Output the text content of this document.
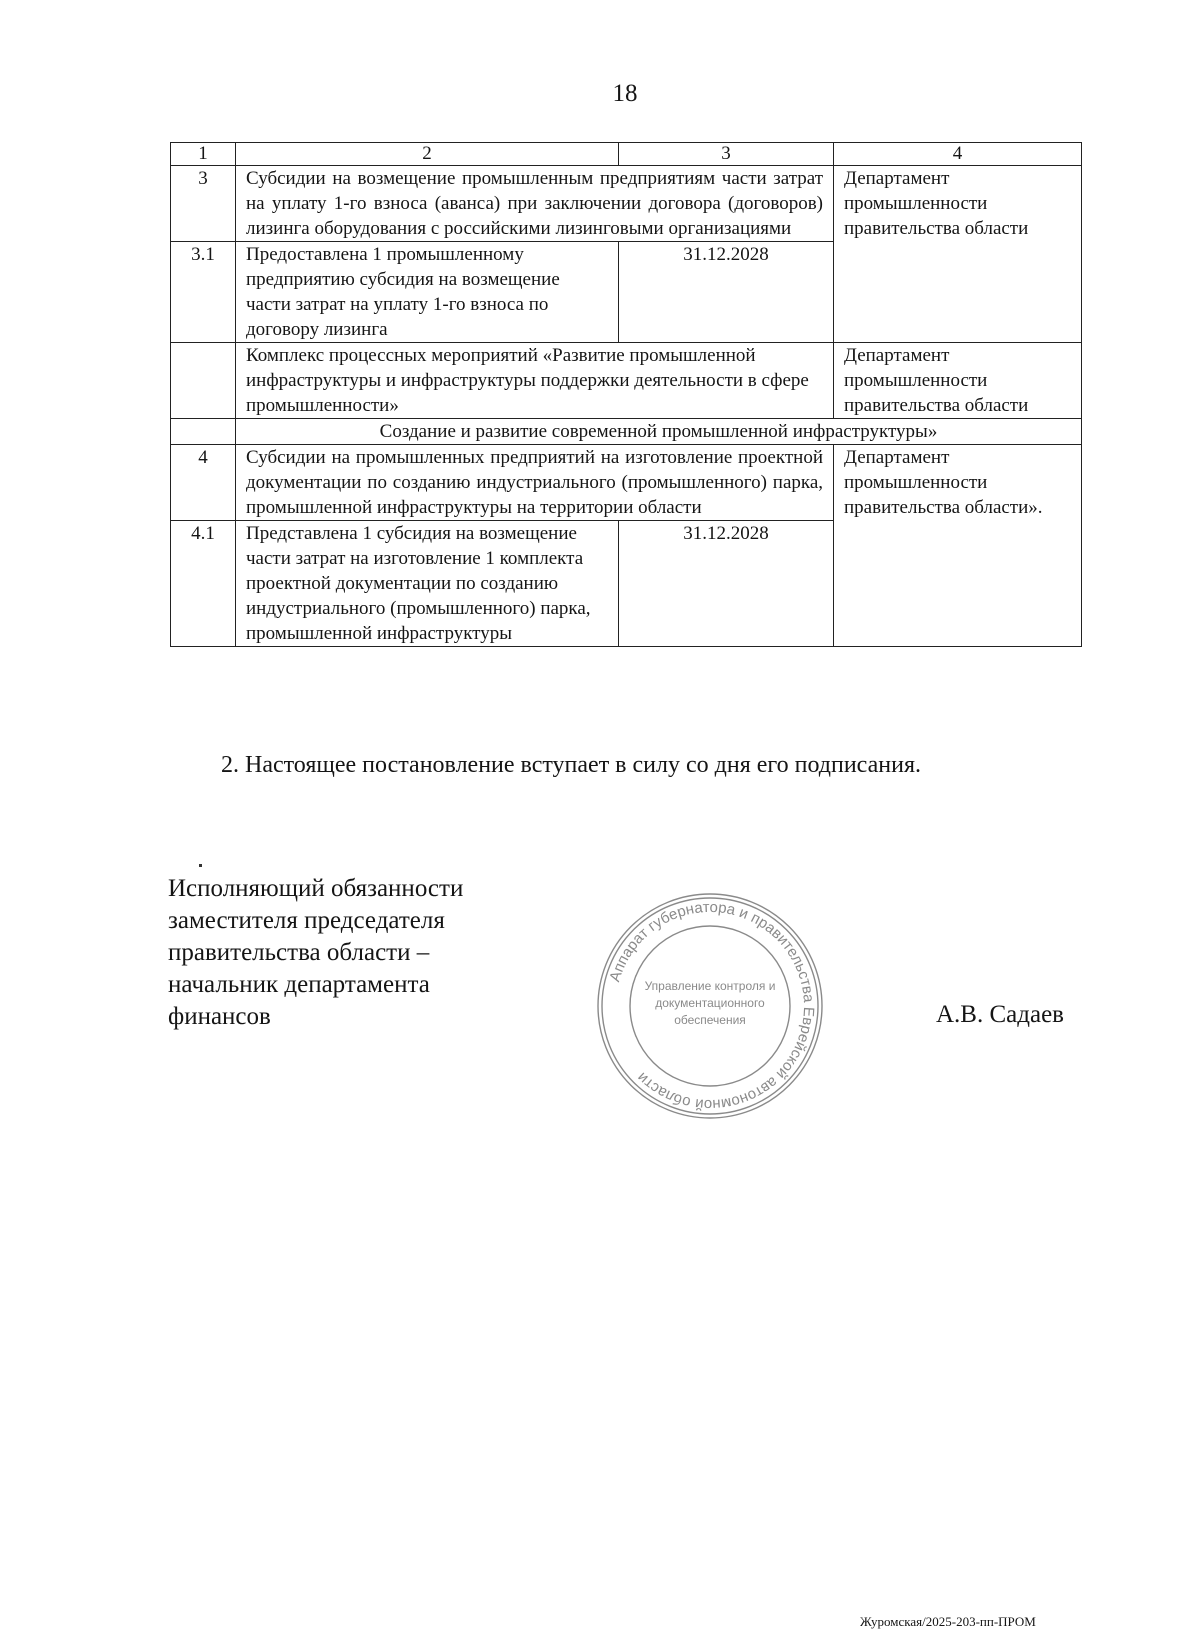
18
1	2	3	4
3	Субсидии на возмещение промышленным предприятиям части затрат на уплату 1-го взноса (аванса) при заключении договора (договоров) лизинга оборудования с российскими лизинговыми организациями		Департамент промышленности правительства области
3.1	Предоставлена 1 промышленному предприятию субсидия на возмещение части затрат на уплату 1-го взноса по договору лизинга	31.12.2028	
	Комплекс процессных мероприятий «Развитие промышленной инфраструктуры и инфраструктуры поддержки деятельности в сфере промышленности»		Департамент промышленности правительства области
	Создание и развитие современной промышленной инфраструктуры»		
4	Субсидии на промышленных предприятий на изготовление проектной документации по созданию индустриального (промышленного) парка, промышленной инфраструктуры на территории области		Департамент промышленности правительства области».
4.1	Представлена 1 субсидия на возмещение части затрат на изготовление 1 комплекта проектной документации по созданию индустриального (промышленного) парка, промышленной инфраструктуры	31.12.2028	
2. Настоящее постановление вступает в силу со дня его подписания.
Исполняющий обязанности
заместителя председателя
правительства области –
начальник департамента
финансов	А.В. Садаев
Аппарат губернатора и правительства Еврейской автономной области
Управление контроля и
документационного
обеспечения
Журомская/2025-203-пп-ПРОМ
